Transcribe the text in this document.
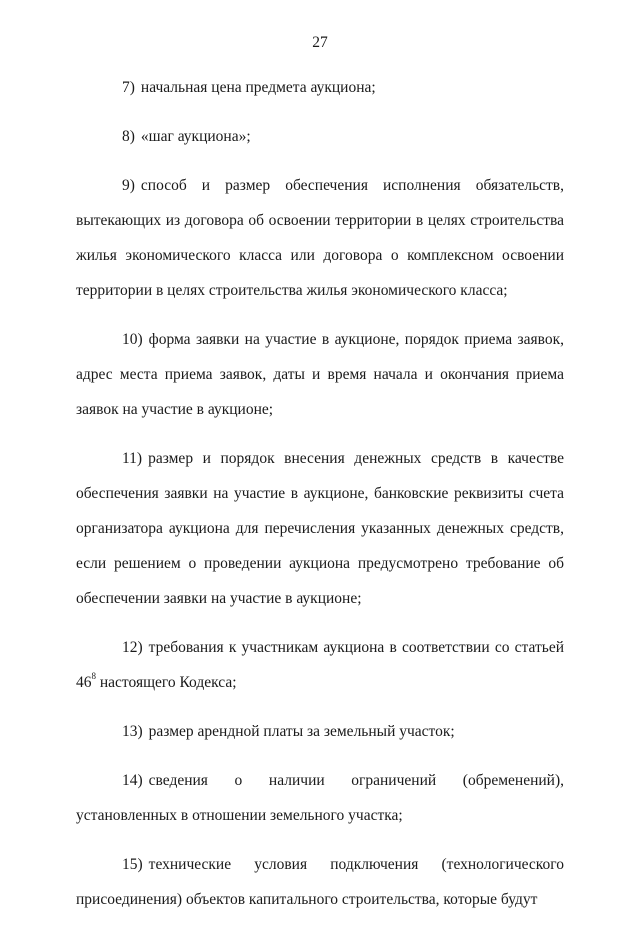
27

7) начальная цена предмета аукциона;

8) «шаг аукциона»;

9) способ и размер обеспечения исполнения обязательств, вытекающих из договора об освоении территории в целях строительства жилья экономического класса или договора о комплексном освоении территории в целях строительства жилья экономического класса;

10) форма заявки на участие в аукционе, порядок приема заявок, адрес места приема заявок, даты и время начала и окончания приема заявок на участие в аукционе;

11) размер и порядок внесения денежных средств в качестве обеспечения заявки на участие в аукционе, банковские реквизиты счета организатора аукциона для перечисления указанных денежных средств, если решением о проведении аукциона предусмотрено требование об обеспечении заявки на участие в аукционе;

12) требования к участникам аукциона в соответствии со статьей $46^8$ настоящего Кодекса;

13) размер арендной платы за земельный участок;

14) сведения о наличии ограничений (обременений), установленных в отношении земельного участка;

15) технические условия подключения (технологического присоединения) объектов капитального строительства, которые будут
